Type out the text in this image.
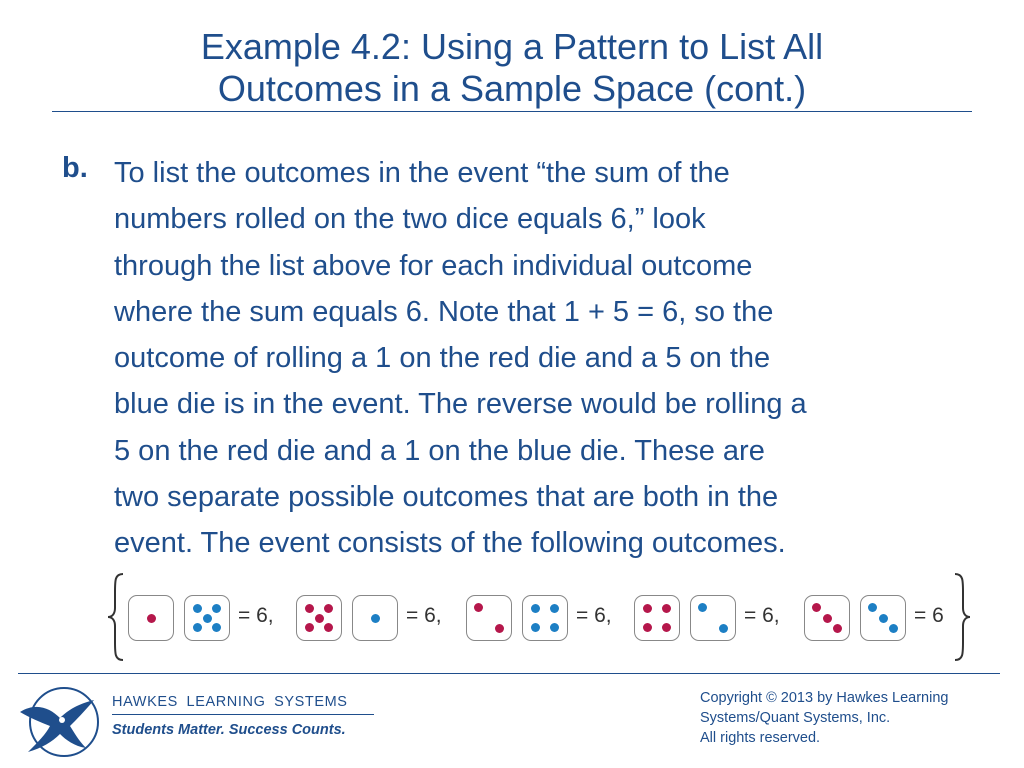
Example 4.2: Using a Pattern to List All
Outcomes in a Sample Space (cont.)
b. To list the outcomes in the event “the sum of the
numbers rolled on the two dice equals 6,” look
through the list above for each individual outcome
where the sum equals 6. Note that 1 + 5 = 6, so the
outcome of rolling a 1 on the red die and a 5 on the
blue die is in the event. The reverse would be rolling a
5 on the red die and a 1 on the blue die. These are
two separate possible outcomes that are both in the
event. The event consists of the following outcomes.
= 6,	= 6,	= 6,	= 6,	= 6
HAWKES LEARNING SYSTEMS
Students Matter. Success Counts.
Copyright © 2013 by Hawkes Learning
Systems/Quant Systems, Inc.
All rights reserved.
